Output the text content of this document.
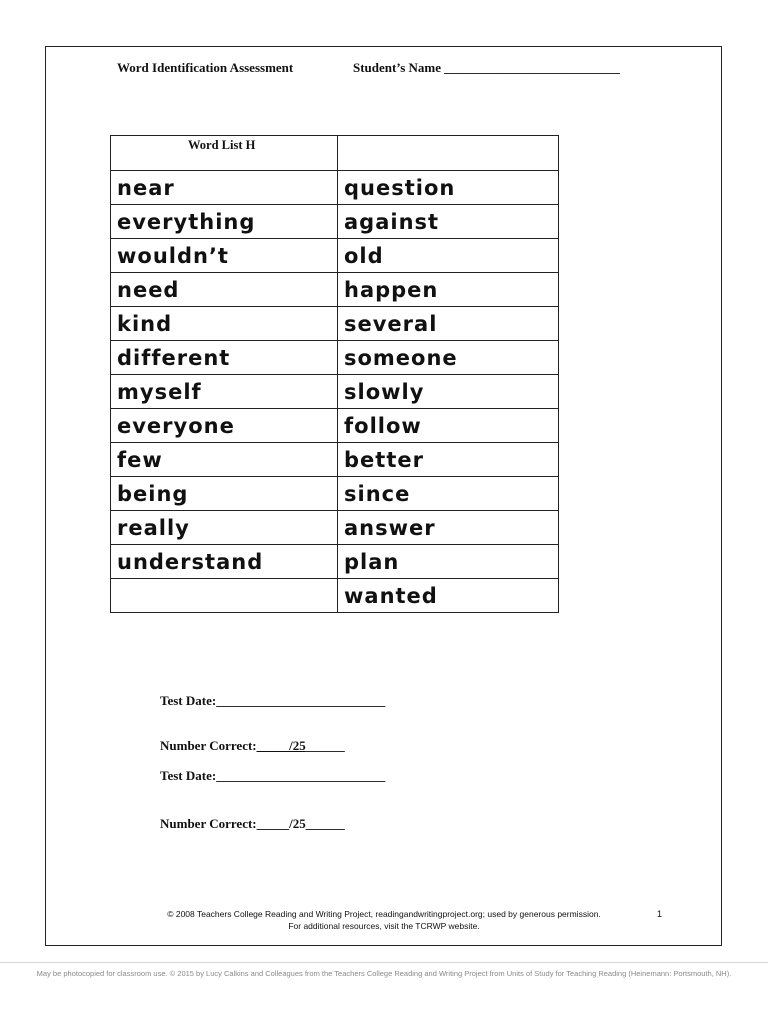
Word Identification Assessment	Student’s Name ___________________________
Word List H	
near	question
everything	against
wouldn’t	old
need	happen
kind	several
different	someone
myself	slowly
everyone	follow
few	better
being	since
really	answer
understand	plan
	wanted
Test Date:__________________________
Number Correct:_____/25______
Test Date:__________________________
Number Correct:_____/25______
© 2008 Teachers College Reading and Writing Project, readingandwritingproject.org; used by generous permission.
For additional resources, visit the TCRWP website.
1
May be photocopied for classroom use. © 2015 by Lucy Calkins and Colleagues from the Teachers College Reading and Writing Project from Units of Study for Teaching Reading (Heinemann: Portsmouth, NH).
